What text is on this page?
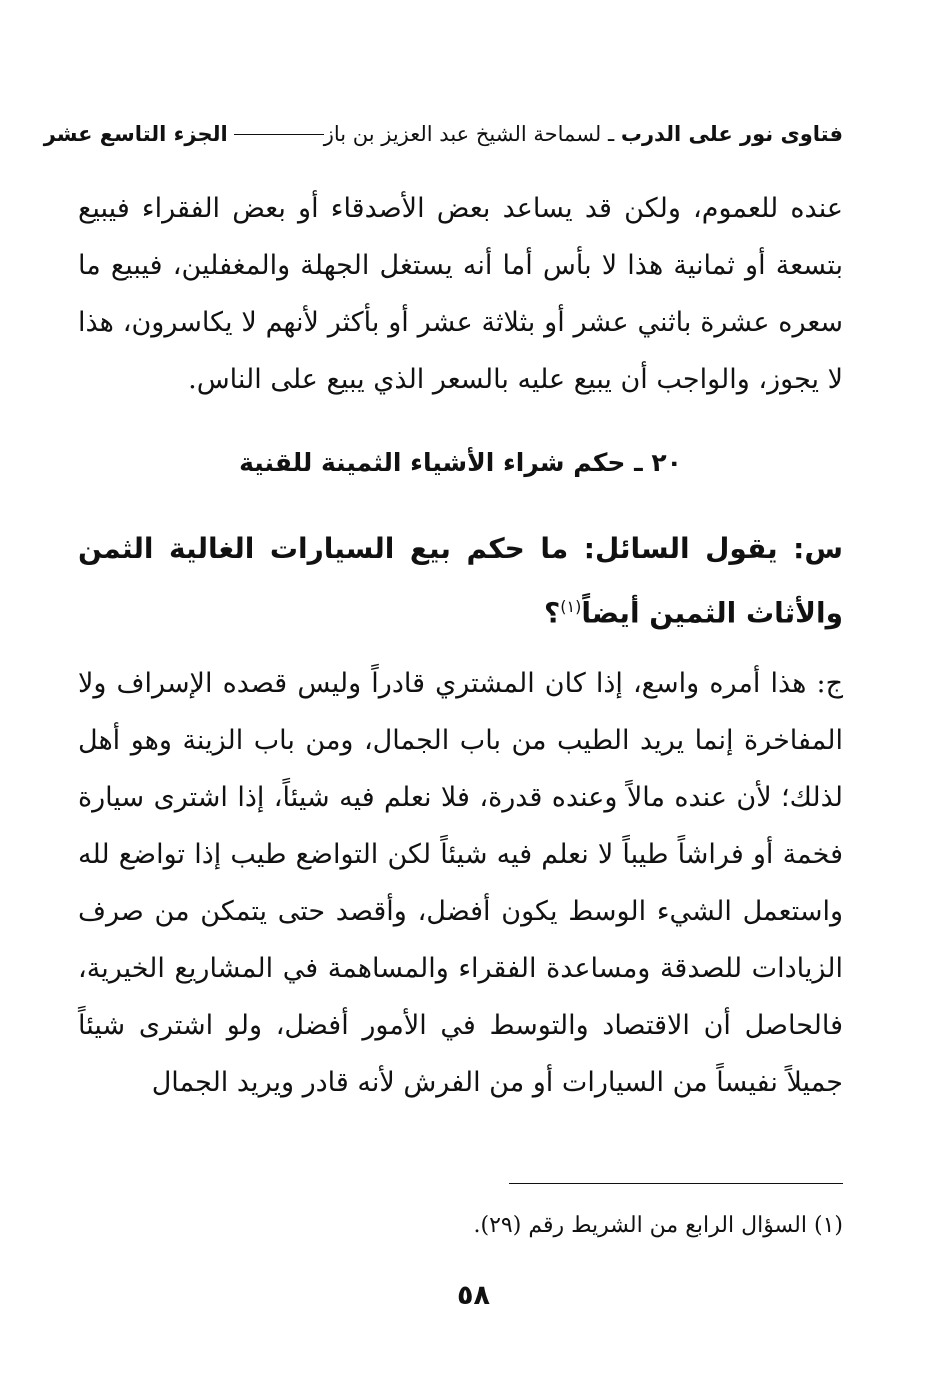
فتاوى نور على الدرب ـ لسماحة الشيخ عبد العزيز بن باز
الجزء التاسع عشر

عنده للعموم، ولكن قد يساعد بعض الأصدقاء أو بعض الفقراء فيبيع بتسعة أو ثمانية هذا لا بأس أما أنه يستغل الجهلة والمغفلين، فيبيع ما سعره عشرة باثني عشر أو بثلاثة عشر أو بأكثر لأنهم لا يكاسرون، هذا لا يجوز، والواجب أن يبيع عليه بالسعر الذي يبيع على الناس.

٢٠ ـ حكم شراء الأشياء الثمينة للقنية

س: يقول السائل: ما حكم بيع السيارات الغالية الثمن والأثاث الثمين أيضاً$^{(١)}$؟

ج: هذا أمره واسع، إذا كان المشتري قادراً وليس قصده الإسراف ولا المفاخرة إنما يريد الطيب من باب الجمال، ومن باب الزينة وهو أهل لذلك؛ لأن عنده مالاً وعنده قدرة، فلا نعلم فيه شيئاً، إذا اشترى سيارة فخمة أو فراشاً طيباً لا نعلم فيه شيئاً لكن التواضع طيب إذا تواضع لله واستعمل الشيء الوسط يكون أفضل، وأقصد حتى يتمكن من صرف الزيادات للصدقة ومساعدة الفقراء والمساهمة في المشاريع الخيرية، فالحاصل أن الاقتصاد والتوسط في الأمور أفضل، ولو اشترى شيئاً جميلاً نفيساً من السيارات أو من الفرش لأنه قادر ويريد الجمال

(١) السؤال الرابع من الشريط رقم (٢٩).
٥٨
